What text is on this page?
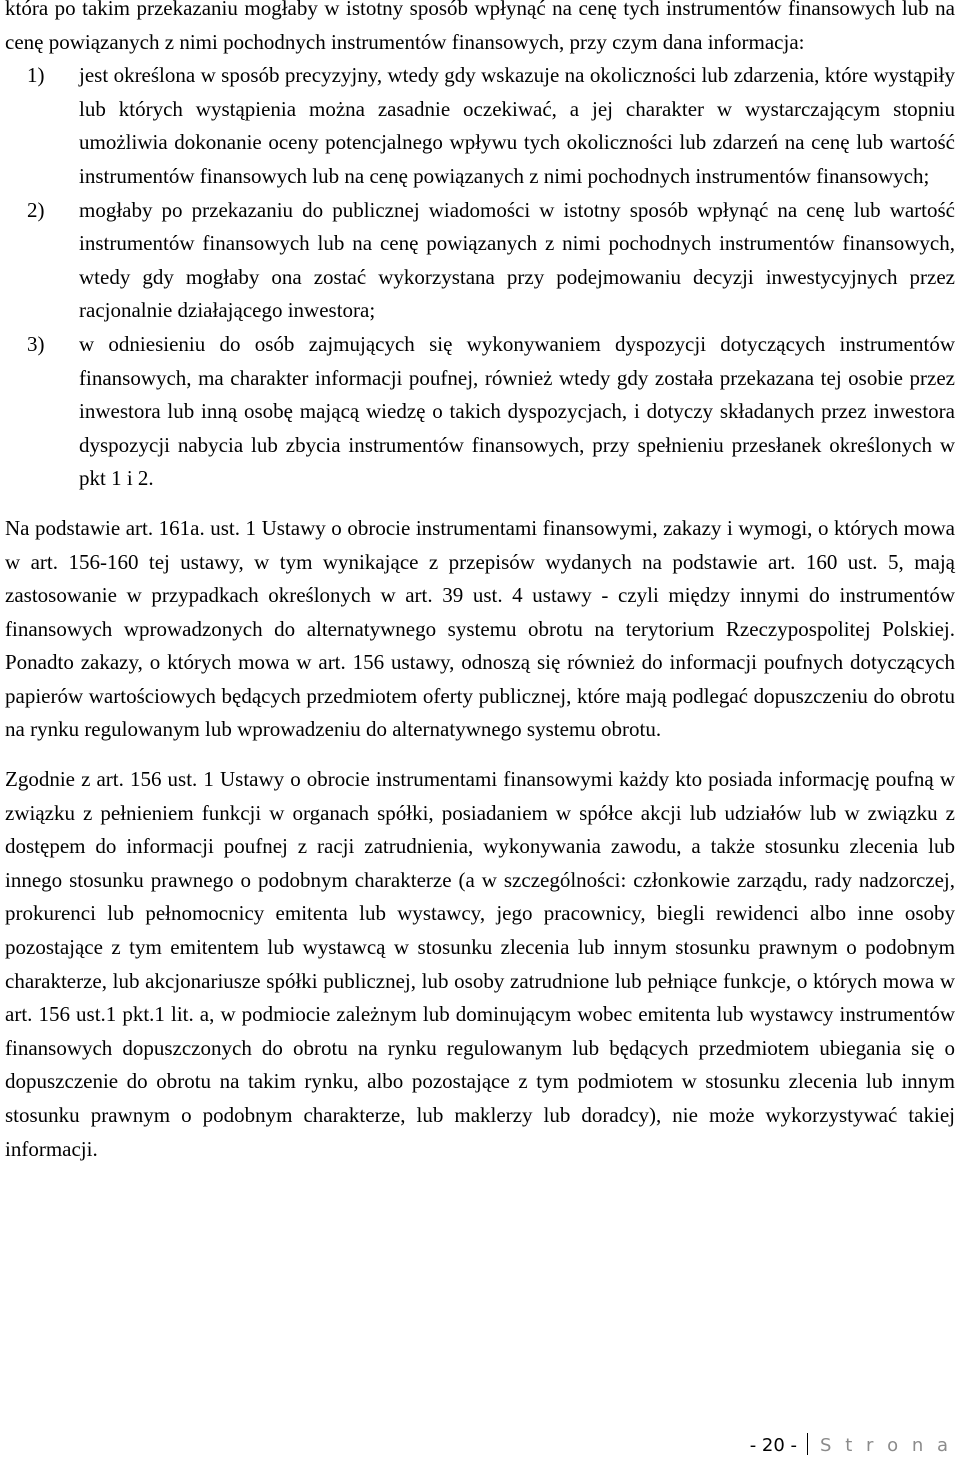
która po takim przekazaniu mogłaby w istotny sposób wpłynąć na cenę tych instrumentów finansowych lub na cenę powiązanych z nimi pochodnych instrumentów finansowych, przy czym dana informacja:

1) jest określona w sposób precyzyjny, wtedy gdy wskazuje na okoliczności lub zdarzenia, które wystąpiły lub których wystąpienia można zasadnie oczekiwać, a jej charakter w wystarczającym stopniu umożliwia dokonanie oceny potencjalnego wpływu tych okoliczności lub zdarzeń na cenę lub wartość instrumentów finansowych lub na cenę powiązanych z nimi pochodnych instrumentów finansowych;
2) mogłaby po przekazaniu do publicznej wiadomości w istotny sposób wpłynąć na cenę lub wartość instrumentów finansowych lub na cenę powiązanych z nimi pochodnych instrumentów finansowych, wtedy gdy mogłaby ona zostać wykorzystana przy podejmowaniu decyzji inwestycyjnych przez racjonalnie działającego inwestora;
3) w odniesieniu do osób zajmujących się wykonywaniem dyspozycji dotyczących instrumentów finansowych, ma charakter informacji poufnej, również wtedy gdy została przekazana tej osobie przez inwestora lub inną osobę mającą wiedzę o takich dyspozycjach, i dotyczy składanych przez inwestora dyspozycji nabycia lub zbycia instrumentów finansowych, przy spełnieniu przesłanek określonych w pkt 1 i 2.

Na podstawie art. 161a. ust. 1 Ustawy o obrocie instrumentami finansowymi, zakazy i wymogi, o których mowa w art. 156-160 tej ustawy, w tym wynikające z przepisów wydanych na podstawie art. 160 ust. 5, mają zastosowanie w przypadkach określonych w art. 39 ust. 4 ustawy - czyli między innymi do instrumentów finansowych wprowadzonych do alternatywnego systemu obrotu na terytorium Rzeczypospolitej Polskiej. Ponadto zakazy, o których mowa w art. 156 ustawy, odnoszą się również do informacji poufnych dotyczących papierów wartościowych będących przedmiotem oferty publicznej, które mają podlegać dopuszczeniu do obrotu na rynku regulowanym lub wprowadzeniu do alternatywnego systemu obrotu.

Zgodnie z art. 156 ust. 1 Ustawy o obrocie instrumentami finansowymi każdy kto posiada informację poufną w związku z pełnieniem funkcji w organach spółki, posiadaniem w spółce akcji lub udziałów lub w związku z dostępem do informacji poufnej z racji zatrudnienia, wykonywania zawodu, a także stosunku zlecenia lub innego stosunku prawnego o podobnym charakterze (a w szczególności: członkowie zarządu, rady nadzorczej, prokurenci lub pełnomocnicy emitenta lub wystawcy, jego pracownicy, biegli rewidenci albo inne osoby pozostające z tym emitentem lub wystawcą w stosunku zlecenia lub innym stosunku prawnym o podobnym charakterze, lub akcjonariusze spółki publicznej, lub osoby zatrudnione lub pełniące funkcje, o których mowa w art. 156 ust.1 pkt.1 lit. a, w podmiocie zależnym lub dominującym wobec emitenta lub wystawcy instrumentów finansowych dopuszczonych do obrotu na rynku regulowanym lub będących przedmiotem ubiegania się o dopuszczenie do obrotu na takim rynku, albo pozostające z tym podmiotem w stosunku zlecenia lub innym stosunku prawnym o podobnym charakterze, lub maklerzy lub doradcy), nie może wykorzystywać takiej informacji.

- 20 - S t r o n a
